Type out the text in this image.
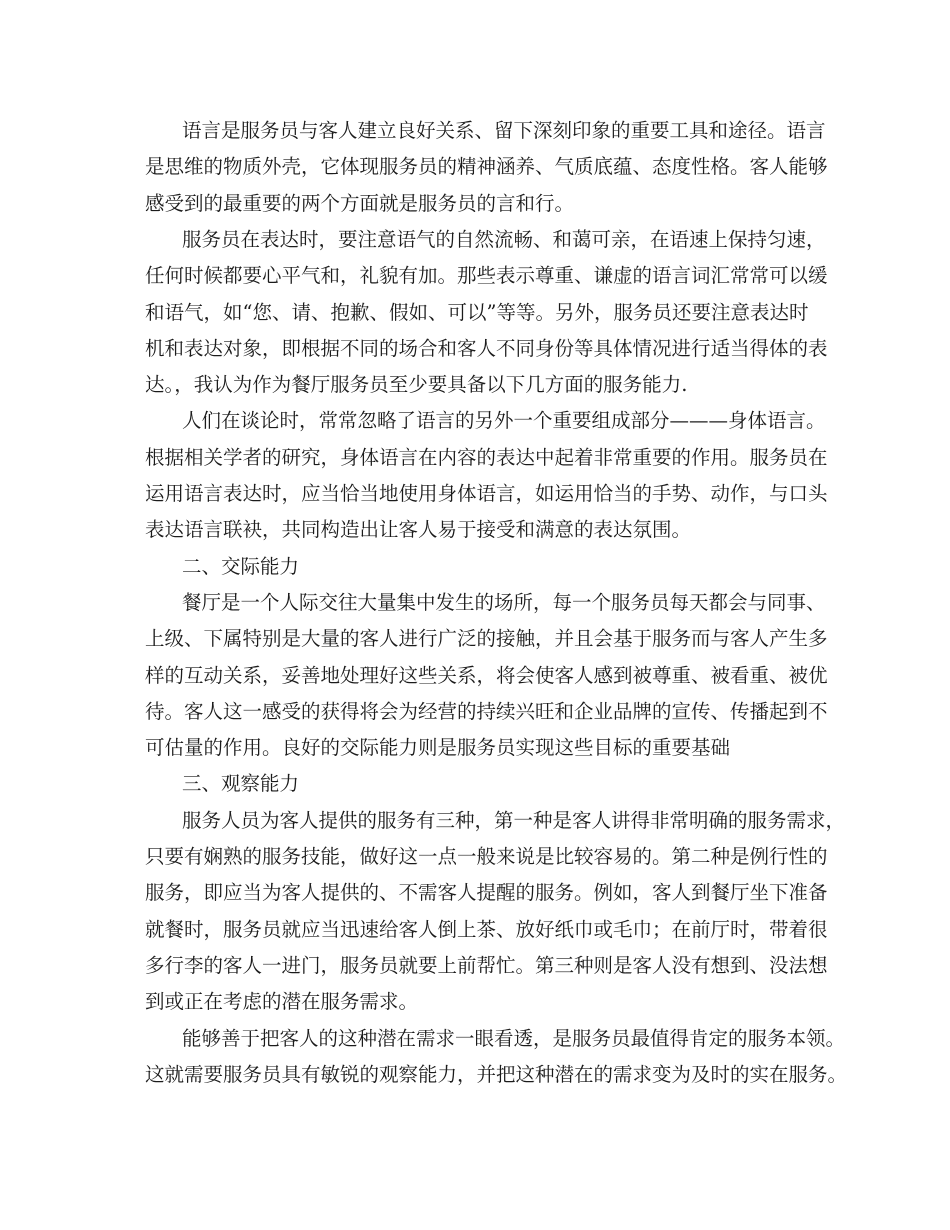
语言是服务员与客人建立良好关系、留下深刻印象的重要工具和途径。语言
是思维的物质外壳，它体现服务员的精神涵养、气质底蕴、态度性格。客人能够
感受到的最重要的两个方面就是服务员的言和行。
服务员在表达时，要注意语气的自然流畅、和蔼可亲，在语速上保持匀速，
任何时候都要心平气和，礼貌有加。那些表示尊重、谦虚的语言词汇常常可以缓
和语气，如“您、请、抱歉、假如、可以”等等。另外，服务员还要注意表达时
机和表达对象，即根据不同的场合和客人不同身份等具体情况进行适当得体的表
达。，我认为作为餐厅服务员至少要具备以下几方面的服务能力.
人们在谈论时，常常忽略了语言的另外一个重要组成部分———身体语言。
根据相关学者的研究，身体语言在内容的表达中起着非常重要的作用。服务员在
运用语言表达时，应当恰当地使用身体语言，如运用恰当的手势、动作，与口头
表达语言联袂，共同构造出让客人易于接受和满意的表达氛围。
二、交际能力
餐厅是一个人际交往大量集中发生的场所，每一个服务员每天都会与同事、
上级、下属特别是大量的客人进行广泛的接触，并且会基于服务而与客人产生多
样的互动关系，妥善地处理好这些关系，将会使客人感到被尊重、被看重、被优
待。客人这一感受的获得将会为经营的持续兴旺和企业品牌的宣传、传播起到不
可估量的作用。良好的交际能力则是服务员实现这些目标的重要基础
三、观察能力
服务人员为客人提供的服务有三种，第一种是客人讲得非常明确的服务需求，
只要有娴熟的服务技能，做好这一点一般来说是比较容易的。第二种是例行性的
服务，即应当为客人提供的、不需客人提醒的服务。例如，客人到餐厅坐下准备
就餐时，服务员就应当迅速给客人倒上茶、放好纸巾或毛巾；在前厅时，带着很
多行李的客人一进门，服务员就要上前帮忙。第三种则是客人没有想到、没法想
到或正在考虑的潜在服务需求。
能够善于把客人的这种潜在需求一眼看透，是服务员最值得肯定的服务本领。
这就需要服务员具有敏锐的观察能力，并把这种潜在的需求变为及时的实在服务。
